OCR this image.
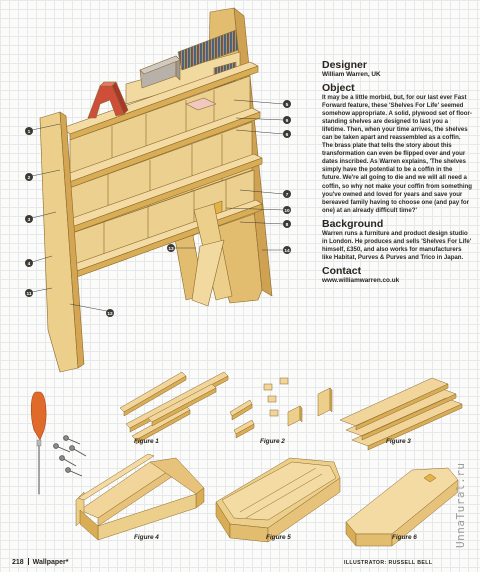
1
2
3
4
5
6
7
8
9
10
11
12
13	14
Designer
William Warren, UK
Object

It may be a little morbid, but, for our last ever Fast Forward feature, these 'Shelves For Life' seemed somehow appropriate. A solid, plywood set of floor-standing shelves are designed to last you a lifetime. Then, when your time arrives, the shelves can be taken apart and reassembled as a coffin. The brass plate that tells the story about this transformation can even be flipped over and your dates inscribed. As Warren explains, 'The shelves simply have the potential to be a coffin in the future. We're all going to die and we will all need a coffin, so why not make your coffin from something you've owned and loved for years and save your bereaved family having to choose one (and pay for one) at an already difficult time?'

Background

Warren runs a furniture and product design studio in London. He produces and sells 'Shelves For Life' himself, £350, and also works for manufacturers like Habitat, Purves & Purves and Trico in Japan.

Contact
www.williamwarren.co.uk
Figure 1	Figure 2	Figure 3
Figure 4	Figure 5	Figure 6
218 Wallpaper*	ILLUSTRATOR: RUSSELL BELL
UnnaTural.ru
